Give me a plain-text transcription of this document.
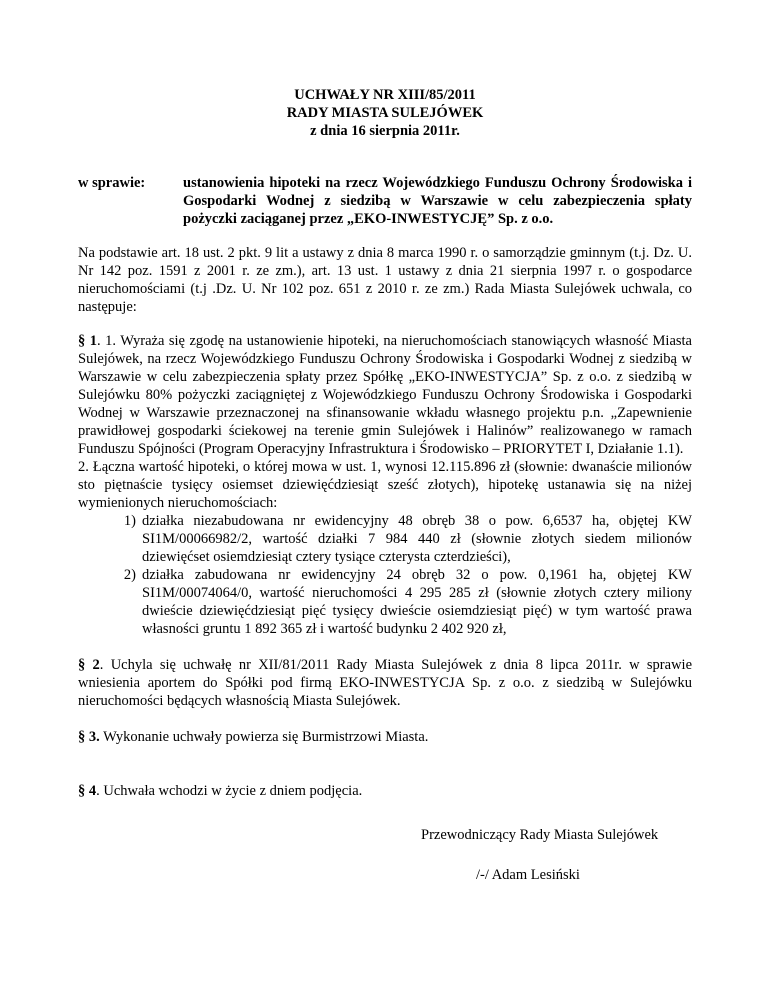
UCHWAŁY NR XIII/85/2011
RADY MIASTA SULEJÓWEK
z dnia 16 sierpnia 2011r.
w sprawie:	ustanowienia hipoteki na rzecz Wojewódzkiego Funduszu Ochrony Środowiska i Gospodarki Wodnej z siedzibą w Warszawie w celu zabezpieczenia spłaty pożyczki zaciąganej przez „EKO-INWESTYCJĘ” Sp. z o.o.

Na podstawie art. 18 ust. 2 pkt. 9 lit a ustawy z dnia 8 marca 1990 r. o samorządzie gminnym (t.j. Dz. U. Nr 142 poz. 1591 z 2001 r. ze zm.), art. 13 ust. 1 ustawy z dnia 21 sierpnia 1997 r. o gospodarce nieruchomościami (t.j .Dz. U. Nr 102 poz. 651 z 2010 r. ze zm.) Rada Miasta Sulejówek uchwala, co następuje:

§ 1. 1. Wyraża się zgodę na ustanowienie hipoteki, na nieruchomościach stanowiących własność Miasta Sulejówek, na rzecz Wojewódzkiego Funduszu Ochrony Środowiska i Gospodarki Wodnej z siedzibą w Warszawie w celu zabezpieczenia spłaty przez Spółkę „EKO-INWESTYCJA” Sp. z o.o. z siedzibą w Sulejówku 80% pożyczki zaciągniętej z Wojewódzkiego Funduszu Ochrony Środowiska i Gospodarki Wodnej w Warszawie przeznaczonej na sfinansowanie wkładu własnego projektu p.n. „Zapewnienie prawidłowej gospodarki ściekowej na terenie gmin Sulejówek i Halinów” realizowanego w ramach Funduszu Spójności (Program Operacyjny Infrastruktura i Środowisko – PRIORYTET I, Działanie 1.1).

2. Łączna wartość hipoteki, o której mowa w ust. 1, wynosi 12.115.896 zł (słownie: dwanaście milionów sto piętnaście tysięcy osiemset dziewięćdziesiąt sześć złotych), hipotekę ustanawia się na niżej wymienionych nieruchomościach:

1) działka niezabudowana nr ewidencyjny 48 obręb 38 o pow. 6,6537 ha, objętej KW SI1M/00066982/2, wartość działki 7 984 440 zł (słownie złotych siedem milionów dziewięćset osiemdziesiąt cztery tysiące czterysta czterdzieści),
2) działka zabudowana nr ewidencyjny 24 obręb 32 o pow. 0,1961 ha, objętej KW SI1M/00074064/0, wartość nieruchomości 4 295 285 zł (słownie złotych cztery miliony dwieście dziewięćdziesiąt pięć tysięcy dwieście osiemdziesiąt pięć) w tym wartość prawa własności gruntu 1 892 365 zł i wartość budynku 2 402 920 zł,

§ 2. Uchyla się uchwałę nr XII/81/2011 Rady Miasta Sulejówek z dnia 8 lipca 2011r. w sprawie wniesienia aportem do Spółki pod firmą EKO-INWESTYCJA Sp. z o.o. z siedzibą w Sulejówku nieruchomości będących własnością Miasta Sulejówek.

§ 3. Wykonanie uchwały powierza się Burmistrzowi Miasta.

§ 4. Uchwała wchodzi w życie z dniem podjęcia.

Przewodniczący Rady Miasta Sulejówek
/-/ Adam Lesiński
